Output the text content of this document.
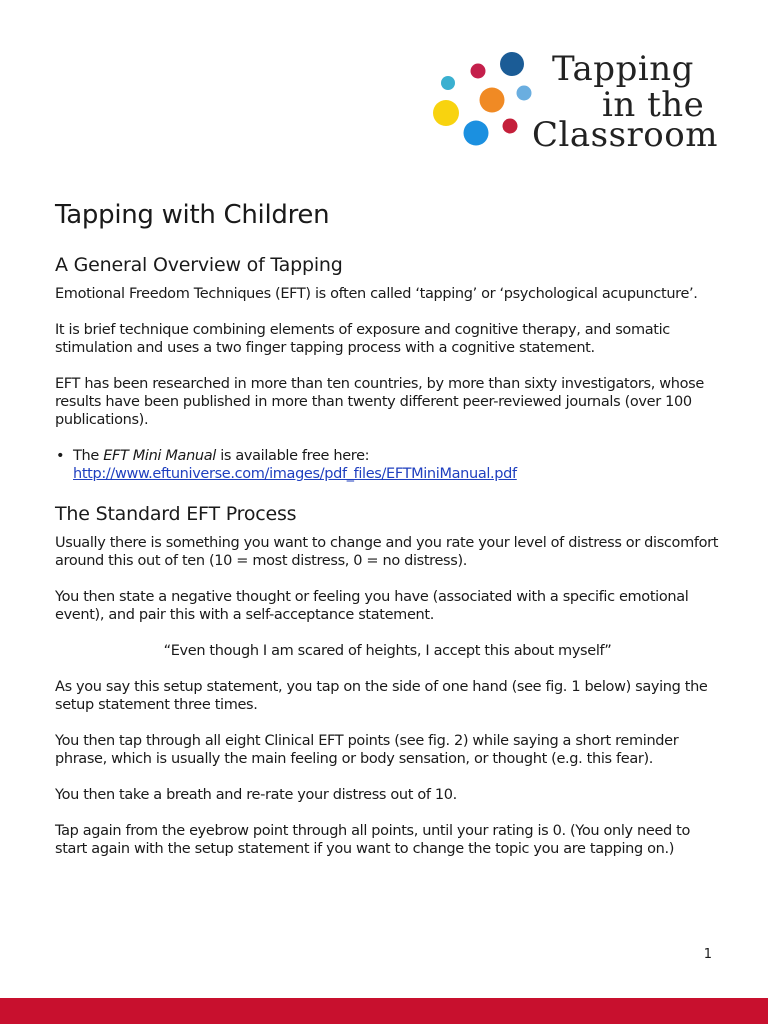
Tapping
in the
Classroom
Tapping with Children
A General Overview of Tapping

Emotional Freedom Techniques (EFT) is often called ‘tapping’ or ‘psychological acupuncture’.

It is brief technique combining elements of exposure and cognitive therapy, and somatic stimulation and uses a two finger tapping process with a cognitive statement.

EFT has been researched in more than ten countries, by more than sixty investigators, whose results have been published in more than twenty different peer-reviewed journals (over 100 publications).

• The EFT Mini Manual is available free here:
http://www.eftuniverse.com/images/pdf_files/EFTMiniManual.pdf
The Standard EFT Process

Usually there is something you want to change and you rate your level of distress or discomfort around this out of ten (10 = most distress, 0 = no distress).

You then state a negative thought or feeling you have (associated with a specific emotional event), and pair this with a self-acceptance statement.

“Even though I am scared of heights, I accept this about myself”

As you say this setup statement, you tap on the side of one hand (see fig. 1 below) saying the setup statement three times.

You then tap through all eight Clinical EFT points (see fig. 2) while saying a short reminder phrase, which is usually the main feeling or body sensation, or thought (e.g. this fear).

You then take a breath and re-rate your distress out of 10.

Tap again from the eyebrow point through all points, until your rating is 0. (You only need to start again with the setup statement if you want to change the topic you are tapping on.)

1
